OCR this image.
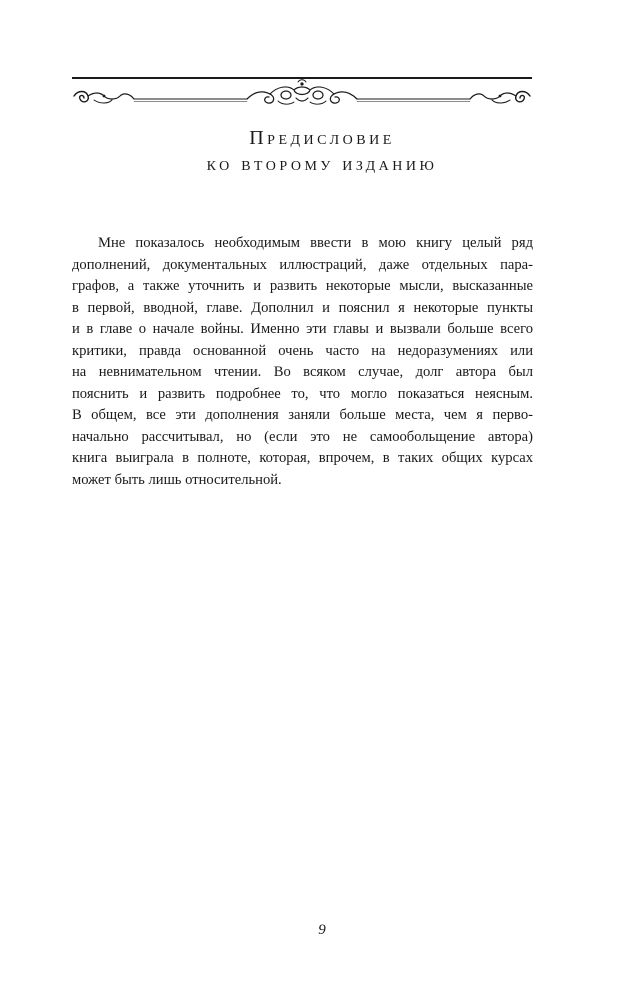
Предисловие
ко второму изданию
Мне показалось необходимым ввести в мою книгу целый ряд
дополнений, документальных иллюстраций, даже отдельных пара-
графов, а также уточнить и развить некоторые мысли, высказанные
в первой, вводной, главе. Дополнил и пояснил я некоторые пункты
и в главе о начале войны. Именно эти главы и вызвали больше всего
критики, правда основанной очень часто на недоразумениях или
на невнимательном чтении. Во всяком случае, долг автора был
пояснить и развить подробнее то, что могло показаться неясным.
В общем, все эти дополнения заняли больше места, чем я перво-
начально рассчитывал, но (если это не самообольщение автора)
книга выиграла в полноте, которая, впрочем, в таких общих курсах
может быть лишь относительной.
9
